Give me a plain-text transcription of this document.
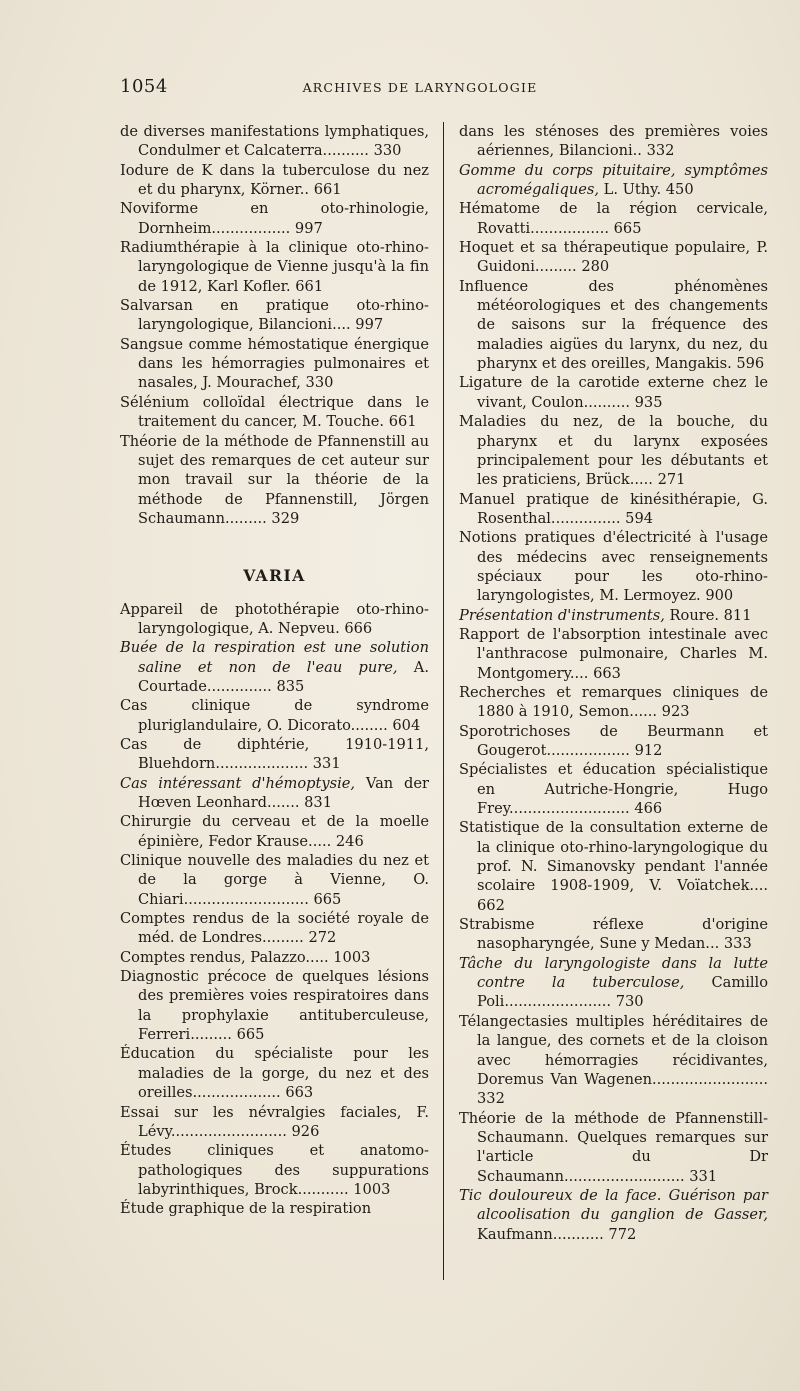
1054	ARCHIVES DE LARYNGOLOGIE
de diverses manifestations lymphatiques, Condulmer et Calcaterra.......... 330
Iodure de K dans la tuberculose du nez et du pharynx, Körner.. 661
Noviforme en oto-rhinologie, Dornheim................. 997
Radiumthérapie à la clinique oto-rhino-laryngologique de Vienne jusqu'à la fin de 1912, Karl Kofler. 661
Salvarsan en pratique oto-rhino-laryngologique, Bilancioni.... 997
Sangsue comme hémostatique énergique dans les hémorragies pulmonaires et nasales, J. Mourachef, 330
Sélénium colloïdal électrique dans le traitement du cancer, M. Touche. 661
Théorie de la méthode de Pfannenstill au sujet des remarques de cet auteur sur mon travail sur la théorie de la méthode de Pfannenstill, Jörgen Schaumann......... 329
VARIA
Appareil de photothérapie oto-rhino-laryngologique, A. Nepveu. 666
Buée de la respiration est une solution saline et non de l'eau pure, A. Courtade.............. 835
Cas clinique de syndrome pluriglandulaire, O. Dicorato........ 604
Cas de diphtérie, 1910-1911, Bluehdorn.................... 331
Cas intéressant d'hémoptysie, Van der Hœven Leonhard....... 831
Chirurgie du cerveau et de la moelle épinière, Fedor Krause..... 246
Clinique nouvelle des maladies du nez et de la gorge à Vienne, O. Chiari........................... 665
Comptes rendus de la société royale de méd. de Londres......... 272
Comptes rendus, Palazzo..... 1003
Diagnostic précoce de quelques lésions des premières voies respiratoires dans la prophylaxie antituberculeuse, Ferreri......... 665
Éducation du spécialiste pour les maladies de la gorge, du nez et des oreilles................... 663
Essai sur les névralgies faciales, F. Lévy......................... 926
Études cliniques et anatomo-pathologiques des suppurations labyrinthiques, Brock........... 1003
Étude graphique de la respiration
dans les sténoses des premières voies aériennes, Bilancioni.. 332
Gomme du corps pituitaire, symptômes acromégaliques, L. Uthy. 450
Hématome de la région cervicale, Rovatti................. 665
Hoquet et sa thérapeutique populaire, P. Guidoni......... 280
Influence des phénomènes météorologiques et des changements de saisons sur la fréquence des maladies aigües du larynx, du nez, du pharynx et des oreilles, Mangakis. 596
Ligature de la carotide externe chez le vivant, Coulon.......... 935
Maladies du nez, de la bouche, du pharynx et du larynx exposées principalement pour les débutants et les praticiens, Brück..... 271
Manuel pratique de kinésithérapie, G. Rosenthal............... 594
Notions pratiques d'électricité à l'usage des médecins avec renseignements spéciaux pour les oto-rhino-laryngologistes, M. Lermoyez. 900
Présentation d'instruments, Roure. 811
Rapport de l'absorption intestinale avec l'anthracose pulmonaire, Charles M. Montgomery.... 663
Recherches et remarques cliniques de 1880 à 1910, Semon...... 923
Sporotrichoses de Beurmann et Gougerot.................. 912
Spécialistes et éducation spécialistique en Autriche-Hongrie, Hugo Frey.......................... 466
Statistique de la consultation externe de la clinique oto-rhino-laryngologique du prof. N. Simanovsky pendant l'année scolaire 1908-1909, V. Voïatchek.... 662
Strabisme réflexe d'origine nasopharyngée, Sune y Medan... 333
Tâche du laryngologiste dans la lutte contre la tuberculose, Camillo Poli....................... 730
Télangectasies multiples héréditaires de la langue, des cornets et de la cloison avec hémorragies récidivantes, Doremus Van Wagenen......................... 332
Théorie de la méthode de Pfannenstill-Schaumann. Quelques remarques sur l'article du Dr Schaumann.......................... 331
Tic douloureux de la face. Guérison par alcoolisation du ganglion de Gasser, Kaufmann........... 772
